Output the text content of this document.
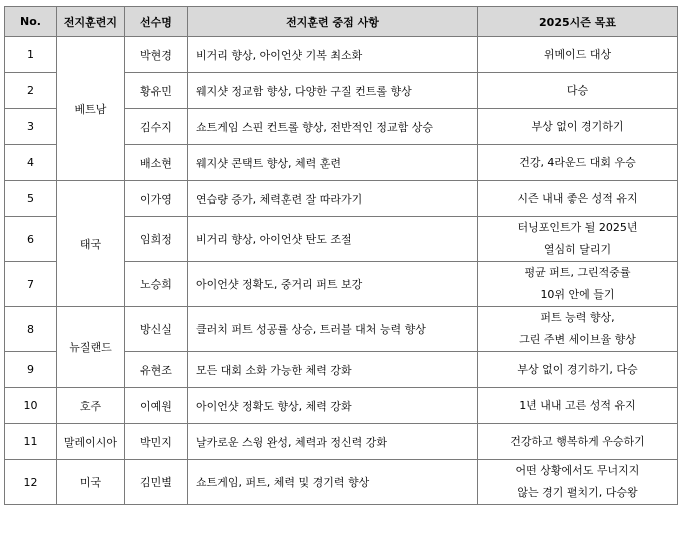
No.	전지훈련지	선수명	전지훈련 중점 사항	2025시즌 목표
1	베트남	박현경	비거리 향상, 아이언샷 기복 최소화	위메이드 대상

2		황유민	웨지샷 정교함 향상, 다양한 구질 컨트롤 향상	다승

3		김수지	쇼트게임 스핀 컨트롤 향상, 전반적인 정교함 상승	부상 없이 경기하기

4		배소현	웨지샷 콘택트 향상, 체력 훈련	건강, 4라운드 대회 우승

5	태국	이가영	연습량 증가, 체력훈련 잘 따라가기	시즌 내내 좋은 성적 유지

6		임희정	비거리 향상, 아이언샷 탄도 조절	터닝포인트가 될 2025년
열심히 달리기

7		노승희	아이언샷 정확도, 중거리 퍼트 보강	평균 퍼트, 그린적중률
10위 안에 들기

8	뉴질랜드	방신실	클러치 퍼트 성공률 상승, 트러블 대처 능력 향상	퍼트 능력 향상,
그린 주변 세이브율 향상

9		유현조	모든 대회 소화 가능한 체력 강화	부상 없이 경기하기, 다승

10	호주	이예원	아이언샷 정확도 향상, 체력 강화	1년 내내 고른 성적 유지

11	말레이시아	박민지	날카로운 스윙 완성, 체력과 정신력 강화	건강하고 행복하게 우승하기

12	미국	김민별	쇼트게임, 퍼트, 체력 및 경기력 향상	어떤 상황에서도 무너지지
않는 경기 펼치기, 다승왕
